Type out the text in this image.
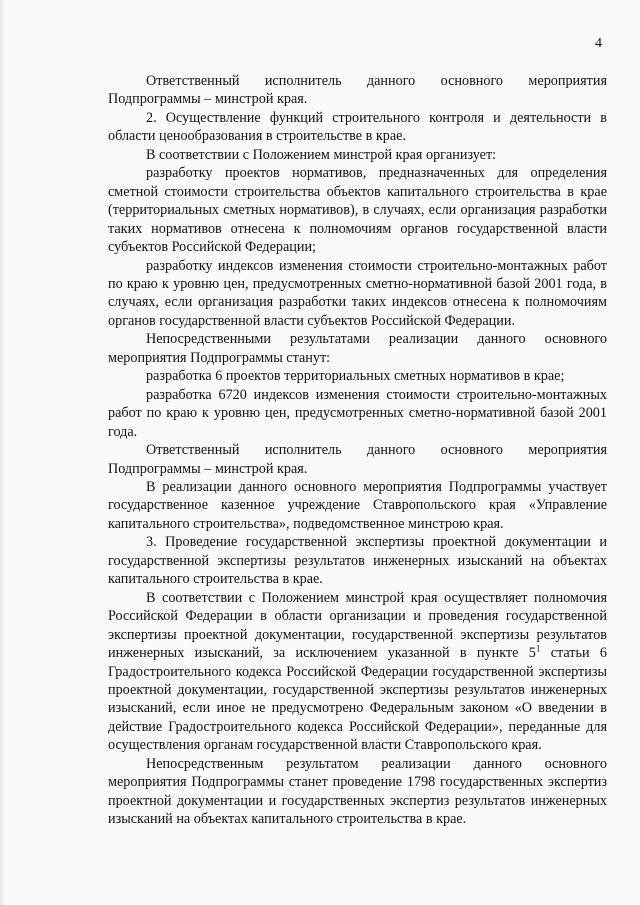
4

Ответственный исполнитель данного основного мероприятия Подпрограммы – минстрой края.

2. Осуществление функций строительного контроля и деятельности в области ценообразования в строительстве в крае.

В соответствии с Положением минстрой края организует:

разработку проектов нормативов, предназначенных для определения сметной стоимости строительства объектов капитального строительства в крае (территориальных сметных нормативов), в случаях, если организация разработки таких нормативов отнесена к полномочиям органов государственной власти субъектов Российской Федерации;

разработку индексов изменения стоимости строительно-монтажных работ по краю к уровню цен, предусмотренных сметно-нормативной базой 2001 года, в случаях, если организация разработки таких индексов отнесена к полномочиям органов государственной власти субъектов Российской Федерации.

Непосредственными результатами реализации данного основного мероприятия Подпрограммы станут:

разработка 6 проектов территориальных сметных нормативов в крае;

разработка 6720 индексов изменения стоимости строительно-монтажных работ по краю к уровню цен, предусмотренных сметно-нормативной базой 2001 года.

Ответственный исполнитель данного основного мероприятия Подпрограммы – минстрой края.

В реализации данного основного мероприятия Подпрограммы участвует государственное казенное учреждение Ставропольского края «Управление капитального строительства», подведомственное минстрою края.

3. Проведение государственной экспертизы проектной документации и государственной экспертизы результатов инженерных изысканий на объектах капитального строительства в крае.

В соответствии с Положением минстрой края осуществляет полномочия Российской Федерации в области организации и проведения государственной экспертизы проектной документации, государственной экспертизы результатов инженерных изысканий, за исключением указанной в пункте $5^1$ статьи 6 Градостроительного кодекса Российской Федерации государственной экспертизы проектной документации, государственной экспертизы результатов инженерных изысканий, если иное не предусмотрено Федеральным законом «О введении в действие Градостроительного кодекса Российской Федерации», переданные для осуществления органам государственной власти Ставропольского края.

Непосредственным результатом реализации данного основного мероприятия Подпрограммы станет проведение 1798 государственных экспертиз проектной документации и государственных экспертиз результатов инженерных изысканий на объектах капитального строительства в крае.
